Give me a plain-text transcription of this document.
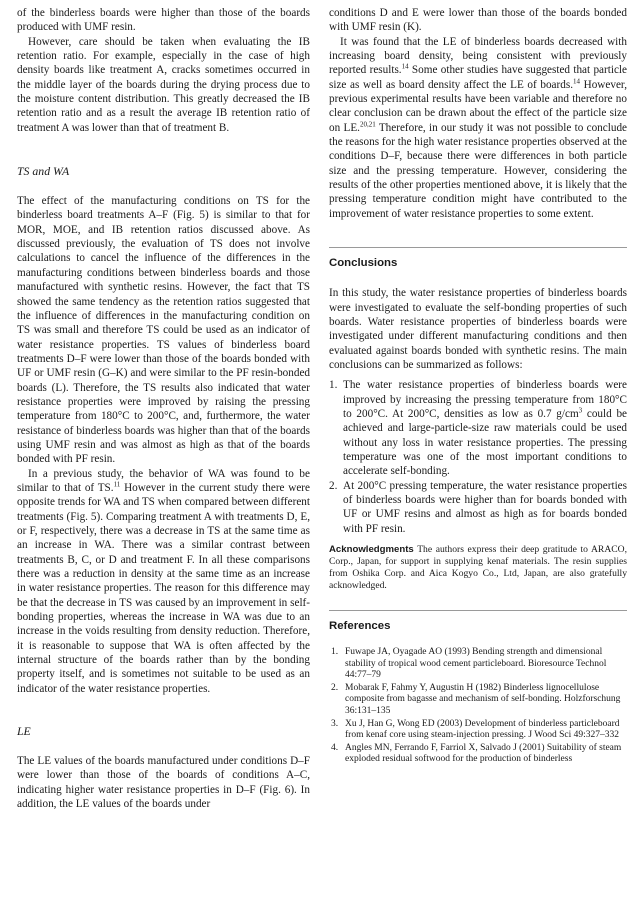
of the binderless boards were higher than those of the boards produced with UMF resin.

However, care should be taken when evaluating the IB retention ratio. For example, especially in the case of high density boards like treatment A, cracks sometimes occurred in the middle layer of the boards during the drying process due to the moisture content distribution. This greatly decreased the IB retention ratio and as a result the average IB retention ratio of treatment A was lower than that of treatment B.

TS and WA

The effect of the manufacturing conditions on TS for the binderless board treatments A–F (Fig. 5) is similar to that for MOR, MOE, and IB retention ratios discussed above. As discussed previously, the evaluation of TS does not involve calculations to cancel the influence of the differences in the manufacturing conditions between binderless boards and those manufactured with synthetic resins. However, the fact that TS showed the same tendency as the retention ratios suggested that the influence of differences in the manufacturing condition on TS was small and therefore TS could be used as an indicator of water resistance properties. TS values of binderless board treatments D–F were lower than those of the boards bonded with UF or UMF resin (G–K) and were similar to the PF resin-bonded boards (L). Therefore, the TS results also indicated that water resistance properties were improved by raising the pressing temperature from 180°C to 200°C, and, furthermore, the water resistance of binderless boards was higher than that of the boards using UMF resin and was almost as high as that of the boards bonded with PF resin.

In a previous study, the behavior of WA was found to be similar to that of TS.$^{11}$ However in the current study there were opposite trends for WA and TS when compared between different treatments (Fig. 5). Comparing treatment A with treatments D, E, or F, respectively, there was a decrease in TS at the same time as an increase in WA. There was a similar contrast between treatments B, C, or D and treatment F. In all these comparisons there was a reduction in density at the same time as an increase in water resistance properties. The reason for this difference may be that the decrease in TS was caused by an improvement in self-bonding properties, whereas the increase in WA was due to an increase in the voids resulting from density reduction. Therefore, it is reasonable to suppose that WA is often affected by the internal structure of the boards rather than by the bonding property itself, and is sometimes not suitable to be used as an indicator of the water resistance properties.

LE

The LE values of the boards manufactured under conditions D–F were lower than those of the boards of conditions A–C, indicating higher water resistance properties in D–F (Fig. 6). In addition, the LE values of the boards under

conditions D and E were lower than those of the boards bonded with UMF resin (K).

It was found that the LE of binderless boards decreased with increasing board density, being consistent with previously reported results.$^{14}$ Some other studies have suggested that particle size as well as board density affect the LE of boards.$^{14}$ However, previous experimental results have been variable and therefore no clear conclusion can be drawn about the effect of the particle size on LE.$^{20,21}$ Therefore, in our study it was not possible to conclude the reasons for the high water resistance properties observed at the conditions D–F, because there were differences in both particle size and the pressing temperature. However, considering the results of the other properties mentioned above, it is likely that the pressing temperature condition might have contributed to the improvement of water resistance properties to some extent.

Conclusions

In this study, the water resistance properties of binderless boards were investigated to evaluate the self-bonding properties of such boards. Water resistance properties of binderless boards were investigated under different manufacturing conditions and then evaluated against boards bonded with synthetic resins. The main conclusions can be summarized as follows:

1. The water resistance properties of binderless boards were improved by increasing the pressing temperature from 180°C to 200°C. At 200°C, densities as low as 0.7 $g/cm^3$ could be achieved and large-particle-size raw materials could be used without any loss in water resistance properties. The pressing temperature was one of the most important conditions to accelerate self-bonding.
2. At 200°C pressing temperature, the water resistance properties of binderless boards were higher than for boards bonded with UF or UMF resins and almost as high as for boards bonded with PF resin.

Acknowledgments The authors express their deep gratitude to ARACO, Corp., Japan, for support in supplying kenaf materials. The resin supplies from Oshika Corp. and Aica Kogyo Co., Ltd, Japan, are also gratefully acknowledged.

References
1. Fuwape JA, Oyagade AO (1993) Bending strength and dimensional stability of tropical wood cement particleboard. Bioresource Technol 44:77–79
2. Mobarak F, Fahmy Y, Augustin H (1982) Binderless lignocellulose composite from bagasse and mechanism of self-bonding. Holzforschung 36:131–135
3. Xu J, Han G, Wong ED (2003) Development of binderless particleboard from kenaf core using steam-injection pressing. J Wood Sci 49:327–332
4. Angles MN, Ferrando F, Farriol X, Salvado J (2001) Suitability of steam exploded residual softwood for the production of binderless
